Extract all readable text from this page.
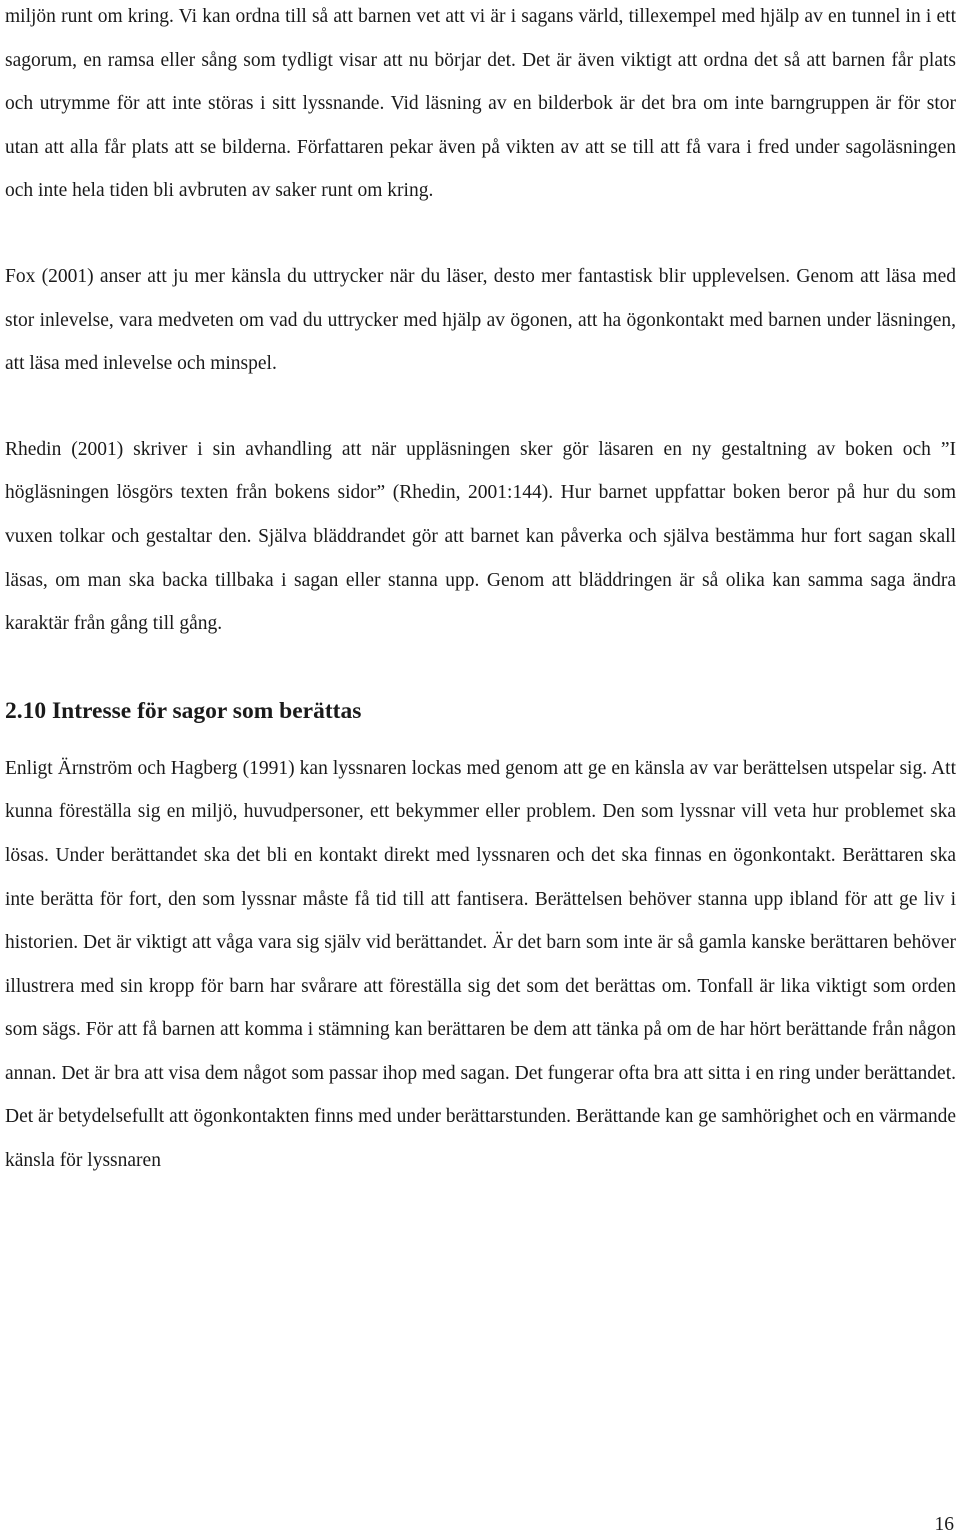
miljön runt om kring. Vi kan ordna till så att barnen vet att vi är i sagans värld, tillexempel med hjälp av en tunnel in i ett sagorum, en ramsa eller sång som tydligt visar att nu börjar det. Det är även viktigt att ordna det så att barnen får plats och utrymme för att inte störas i sitt lyssnande. Vid läsning av en bilderbok är det bra om inte barngruppen är för stor utan att alla får plats att se bilderna. Författaren pekar även på vikten av att se till att få vara i fred under sagoläsningen och inte hela tiden bli avbruten av saker runt om kring.

Fox (2001) anser att ju mer känsla du uttrycker när du läser, desto mer fantastisk blir upplevelsen. Genom att läsa med stor inlevelse, vara medveten om vad du uttrycker med hjälp av ögonen, att ha ögonkontakt med barnen under läsningen, att läsa med inlevelse och minspel.

Rhedin (2001) skriver i sin avhandling att när uppläsningen sker gör läsaren en ny gestaltning av boken och ”I högläsningen lösgörs texten från bokens sidor” (Rhedin, 2001:144). Hur barnet uppfattar boken beror på hur du som vuxen tolkar och gestaltar den. Själva bläddrandet gör att barnet kan påverka och själva bestämma hur fort sagan skall läsas, om man ska backa tillbaka i sagan eller stanna upp. Genom att bläddringen är så olika kan samma saga ändra karaktär från gång till gång.

2.10 Intresse för sagor som berättas

Enligt Ärnström och Hagberg (1991) kan lyssnaren lockas med genom att ge en känsla av var berättelsen utspelar sig. Att kunna föreställa sig en miljö, huvudpersoner, ett bekymmer eller problem. Den som lyssnar vill veta hur problemet ska lösas. Under berättandet ska det bli en kontakt direkt med lyssnaren och det ska finnas en ögonkontakt. Berättaren ska inte berätta för fort, den som lyssnar måste få tid till att fantisera. Berättelsen behöver stanna upp ibland för att ge liv i historien. Det är viktigt att våga vara sig själv vid berättandet. Är det barn som inte är så gamla kanske berättaren behöver illustrera med sin kropp för barn har svårare att föreställa sig det som det berättas om. Tonfall är lika viktigt som orden som sägs. För att få barnen att komma i stämning kan berättaren be dem att tänka på om de har hört berättande från någon annan. Det är bra att visa dem något som passar ihop med sagan. Det fungerar ofta bra att sitta i en ring under berättandet. Det är betydelsefullt att ögonkontakten finns med under berättarstunden. Berättande kan ge samhörighet och en värmande känsla för lyssnaren

16
